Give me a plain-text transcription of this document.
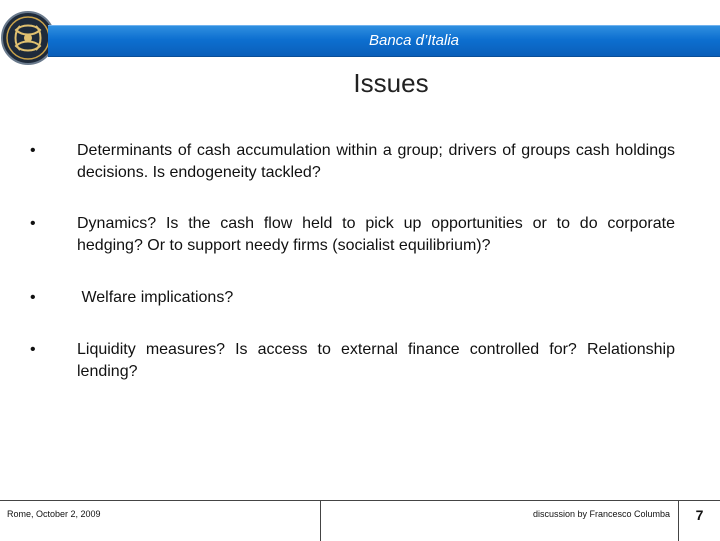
Banca d’Italia
Issues
•	Determinants of cash accumulation within a group; drivers of groups cash holdings decisions. Is endogeneity tackled?
•	Dynamics? Is the cash flow held to pick up opportunities or to do corporate hedging? Or to support needy firms (socialist equilibrium)?
•	Welfare implications?
•	Liquidity measures? Is access to external finance controlled for? Relationship lending?
Rome, October 2, 2009	discussion by Francesco Columba	7
